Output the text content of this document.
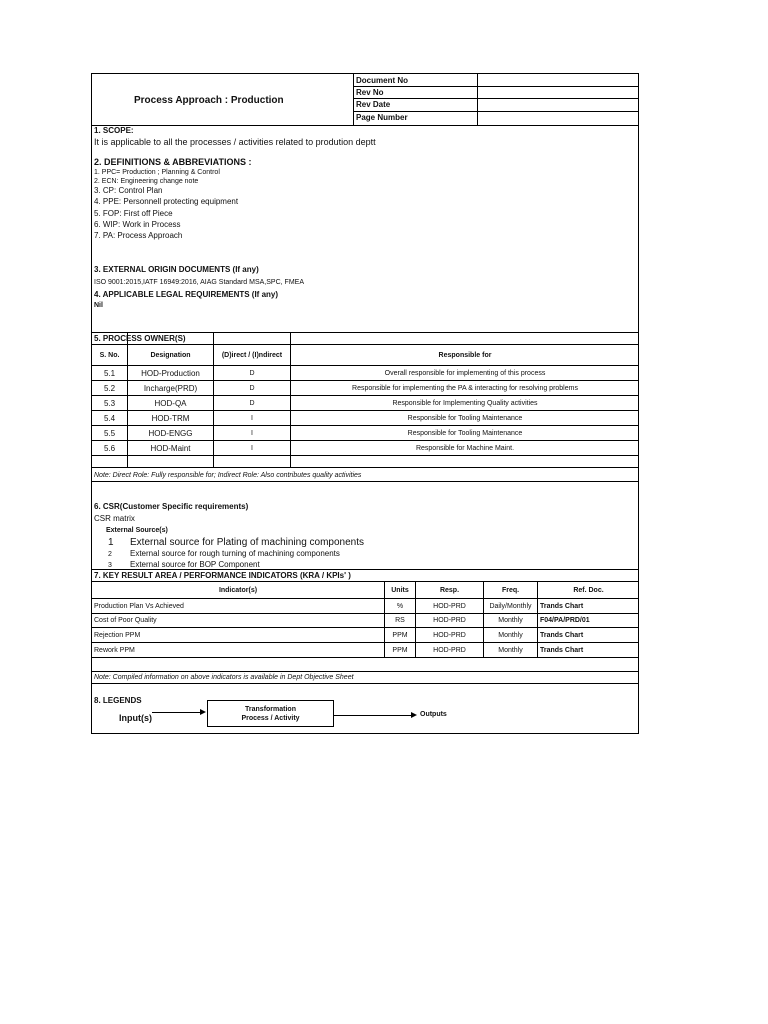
Process Approach : Production
Document No
Rev No
Rev Date
Page Number
1. SCOPE:
It is applicable to all the processes / activities related to prodution deptt
2. DEFINITIONS & ABBREVIATIONS :
1. PPC= Production ; Planning & Control
2. ECN: Engineering change note
3. CP: Control Plan
4. PPE: Personnell protecting equipment
5. FOP: First off Piece
6. WIP: Work in Process
7. PA: Process Approach
3. EXTERNAL ORIGIN DOCUMENTS (If any)
ISO 9001:2015,IATF 16949:2016, AIAG Standard MSA,SPC, FMEA
4. APPLICABLE LEGAL REQUIREMENTS (If any)
Nil
5. PROCESS OWNER(S)
S. No.	Designation	(D)irect / (I)ndirect	Responsible for
5.1	HOD-Production	D	Overall responsible for implementing of this process
5.2	Incharge(PRD)	D	Responsible for implementing the PA & interacting for resolving problems
5.3	HOD-QA	D	Responsible for Implementing Quality activities
5.4	HOD-TRM	I	Responsible for Tooling Maintenance
5.5	HOD-ENGG	I	Responsible for Tooling Maintenance
5.6	HOD-Maint	I	Responsible for Machine Maint.
Note: Direct Role: Fully responsible for; Indirect Role: Also contributes quality activities
6. CSR(Customer Specific requirements)
CSR matrix
External Source(s)
1 External source for Plating of machining components
2 External source for rough turning of machining components
3 External source for BOP Component
7. KEY RESULT AREA / PERFORMANCE INDICATORS (KRA / KPIs' )
Indicator(s)	Units	Resp.	Freq.	Ref. Doc.
Production Plan Vs Achieved	%	HOD-PRD	Daily/Monthly	Trands Chart
Cost of Poor Quality	RS	HOD-PRD	Monthly	F04/PA/PRD/01
Rejection PPM	PPM	HOD-PRD	Monthly	Trands Chart
Rework PPM	PPM	HOD-PRD	Monthly	Trands Chart
Note: Compiled information on above indicators is available in Dept Objective Sheet
8. LEGENDS
Input(s)
Transformation
Process / Activity	Outputs
